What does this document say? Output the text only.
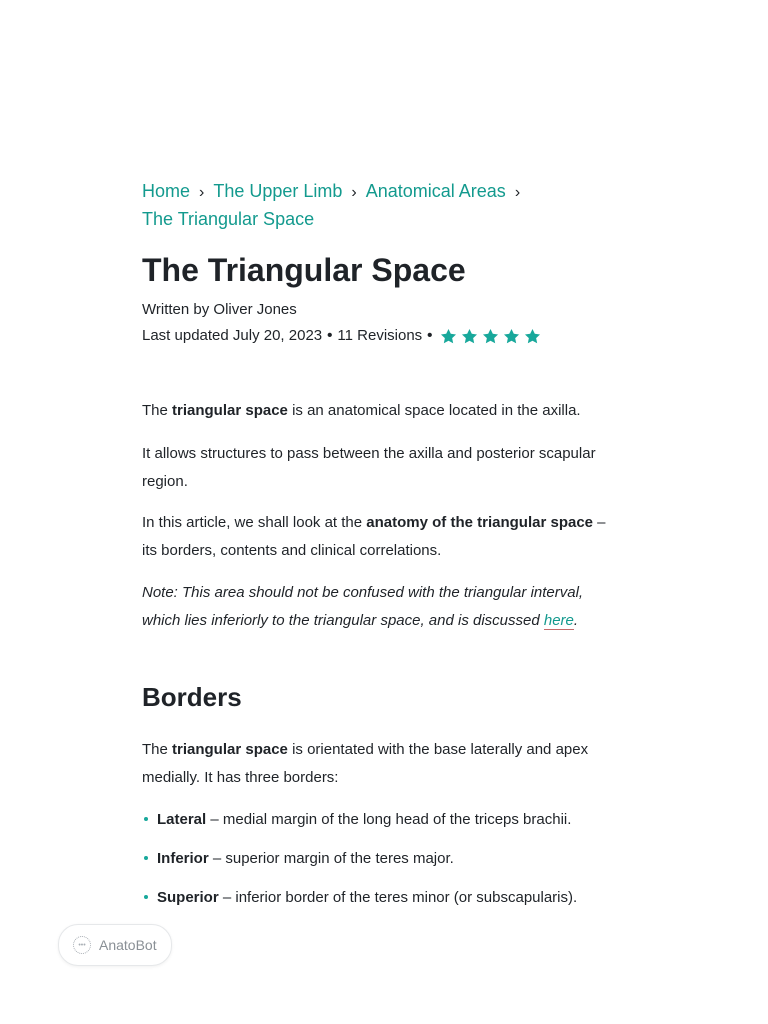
Home › The Upper Limb › Anatomical Areas ›
The Triangular Space
The Triangular Space
Written by Oliver Jones
Last updated July 20, 2023 • 11 Revisions •

The triangular space is an anatomical space located in the axilla.

It allows structures to pass between the axilla and posterior scapular region.

In this article, we shall look at the anatomy of the triangular space – its borders, contents and clinical correlations.

Note: This area should not be confused with the triangular interval, which lies inferiorly to the triangular space, and is discussed here.

Borders

The triangular space is orientated with the base laterally and apex medially. It has three borders:

Lateral – medial margin of the long head of the triceps brachii.
Inferior – superior margin of the teres major.
Superior – inferior border of the teres minor (or subscapularis).
••• AnatoBot
